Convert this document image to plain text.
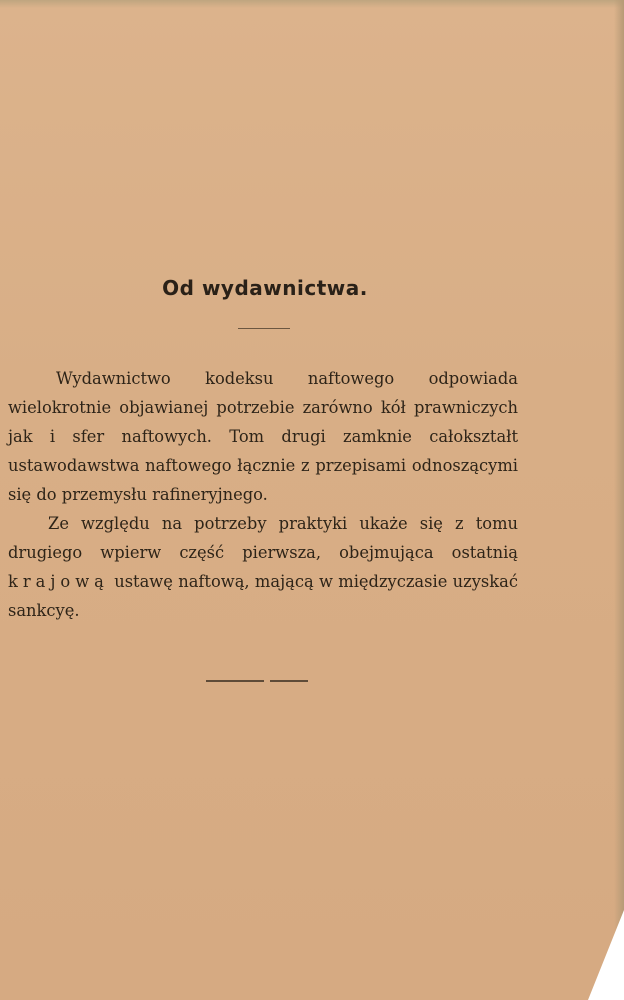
Od wydawnictwa.

Wydawnictwo kodeksu naftowego odpowiada wielokrotnie objawianej potrzebie zarówno kół prawniczych jak i sfer naftowych. Tom drugi zamknie całokształt ustawodawstwa naftowego łącznie z przepisami odnoszącymi się do przemysłu rafineryjnego.

Ze względu na potrzeby praktyki ukaże się z tomu drugiego wpierw część pierwsza, obejmująca ostatnią krajową ustawę naftową, mającą w międzyczasie uzyskać sankcyę.
